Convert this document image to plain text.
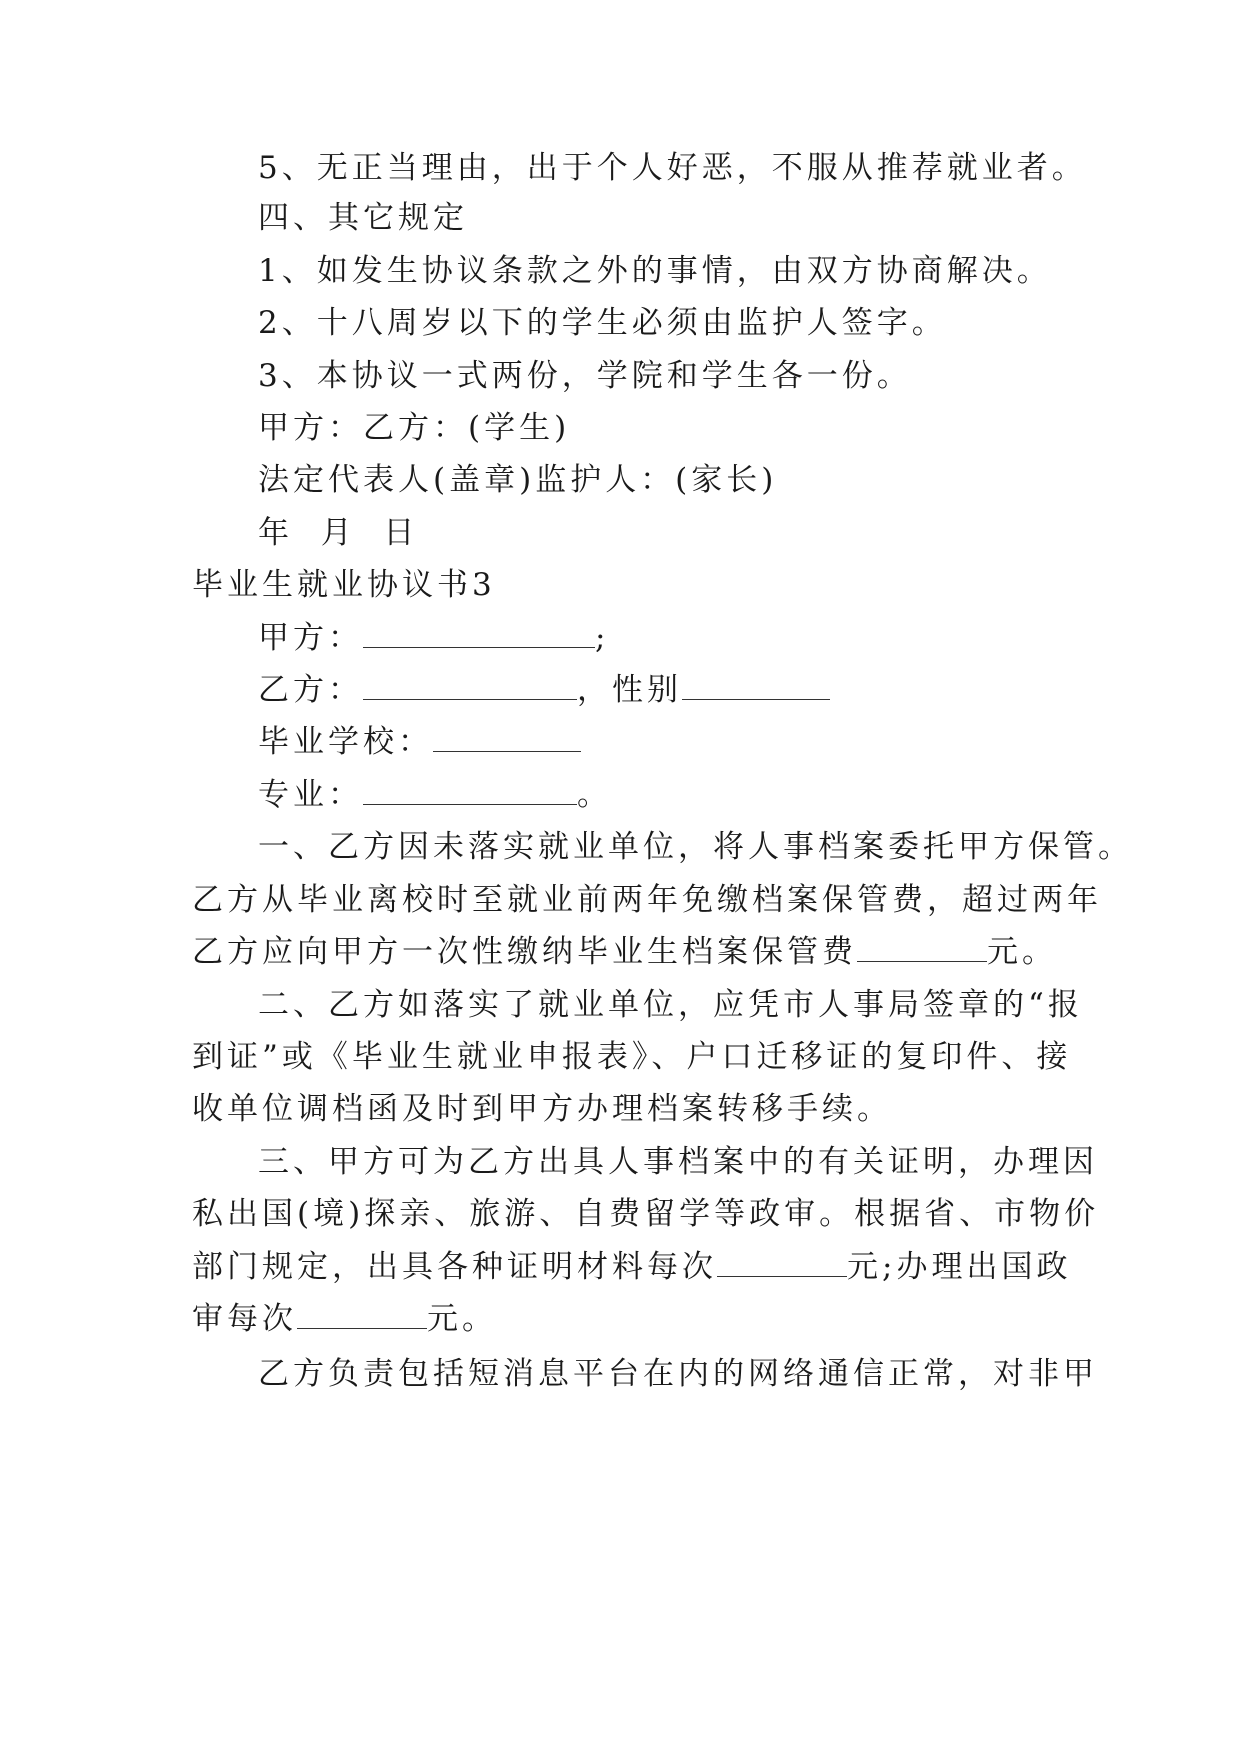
5、无正当理由，出于个人好恶，不服从推荐就业者。
四、其它规定
1、如发生协议条款之外的事情，由双方协商解决。
2、十八周岁以下的学生必须由监护人签字。
3、本协议一式两份，学院和学生各一份。
甲方：乙方：(学生)
法定代表人(盖章)监护人：(家长)
年  月  日
毕业生就业协议书3
甲方：	;
乙方：	，性别
毕业学校：
专业：	。
一、乙方因未落实就业单位，将人事档案委托甲方保管。
乙方从毕业离校时至就业前两年免缴档案保管费，超过两年
乙方应向甲方一次性缴纳毕业生档案保管费	元。
二、乙方如落实了就业单位，应凭市人事局签章的“报
到证”或《毕业生就业申报表》、户口迁移证的复印件、接
收单位调档函及时到甲方办理档案转移手续。
三、甲方可为乙方出具人事档案中的有关证明，办理因
私出国(境)探亲、旅游、自费留学等政审。根据省、市物价
部门规定，出具各种证明材料每次	元;办理出国政
审每次	元。
乙方负责包括短消息平台在内的网络通信正常，对非甲
